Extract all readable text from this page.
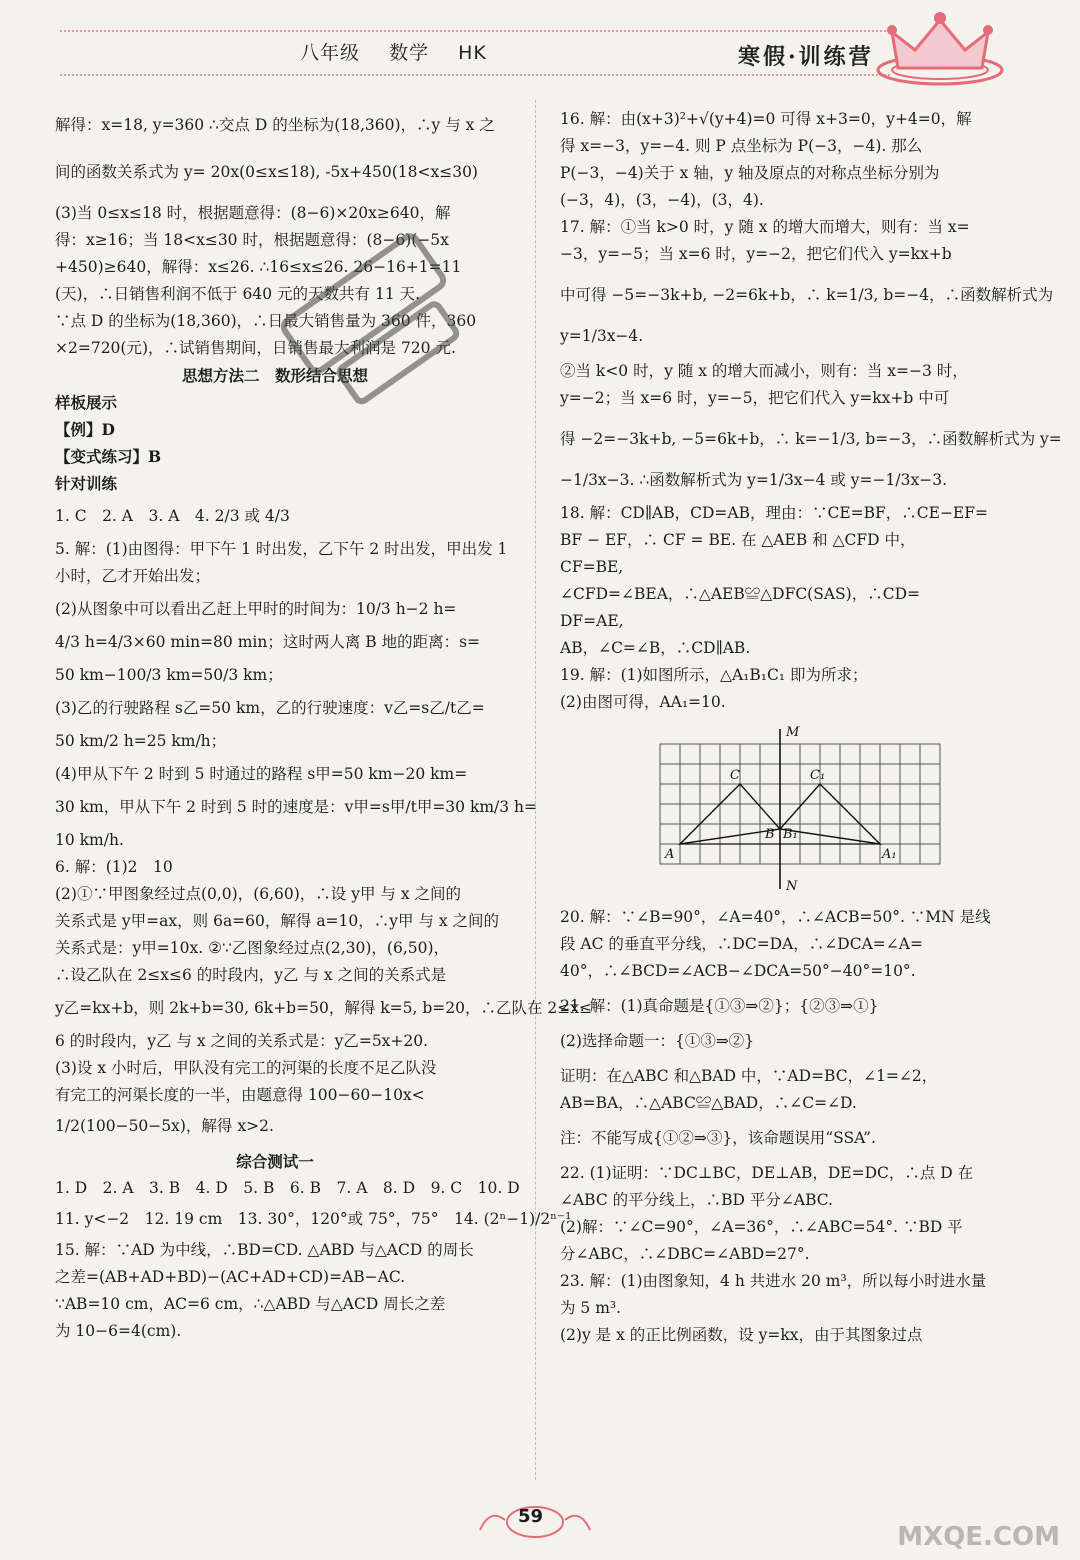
八年级 数学 HK	寒假·训练营

解得：x=18, y=360 ∴交点 D 的坐标为(18,360)，∴y 与 x 之

间的函数关系式为 y= 20x(0≤x≤18), -5x+450(18<x≤30)

(3)当 0≤x≤18 时，根据题意得：(8−6)×20x≥640，解

得：x≥16；当 18<x≤30 时，根据题意得：(8−6)(−5x

+450)≥640，解得：x≤26. ∴16≤x≤26. 26−16+1=11

(天)，∴日销售利润不低于 640 元的天数共有 11 天.

∵点 D 的坐标为(18,360)，∴日最大销售量为 360 件，360

×2=720(元)，∴试销售期间，日销售最大利润是 720 元.

思想方法二　数形结合思想

样板展示

【例】D

【变式练习】B

针对训练

1. C　2. A　3. A　4. 2/3 或 4/3

5. 解：(1)由图得：甲下午 1 时出发，乙下午 2 时出发，甲出发 1

小时，乙才开始出发；

(2)从图象中可以看出乙赶上甲时的时间为：10/3 h−2 h=

4/3 h=4/3×60 min=80 min；这时两人离 B 地的距离：s=

50 km−100/3 km=50/3 km；

(3)乙的行驶路程 s乙=50 km，乙的行驶速度：v乙=s乙/t乙=

50 km/2 h=25 km/h；

(4)甲从下午 2 时到 5 时通过的路程 s甲=50 km−20 km=

30 km，甲从下午 2 时到 5 时的速度是：v甲=s甲/t甲=30 km/3 h=

10 km/h.

6. 解：(1)2　10

(2)①∵甲图象经过点(0,0)，(6,60)，∴设 y甲 与 x 之间的

关系式是 y甲=ax，则 6a=60，解得 a=10，∴y甲 与 x 之间的

关系式是：y甲=10x. ②∵乙图象经过点(2,30)，(6,50)，

∴设乙队在 2≤x≤6 的时段内，y乙 与 x 之间的关系式是

y乙=kx+b，则 2k+b=30, 6k+b=50，解得 k=5, b=20，∴乙队在 2≤x≤

6 的时段内，y乙 与 x 之间的关系式是：y乙=5x+20.

(3)设 x 小时后，甲队没有完工的河渠的长度不足乙队没

有完工的河渠长度的一半，由题意得 100−60−10x<

1/2(100−50−5x)，解得 x>2.

综合测试一

1. D　2. A　3. B　4. D　5. B　6. B　7. A　8. D　9. C　10. D

11. y<−2　12. 19 cm　13. 30°，120°或 75°，75°　14. (2ⁿ−1)/2ⁿ⁻¹

15. 解：∵AD 为中线，∴BD=CD. △ABD 与△ACD 的周长

之差=(AB+AD+BD)−(AC+AD+CD)=AB−AC.

∵AB=10 cm，AC=6 cm，∴△ABD 与△ACD 周长之差

为 10−6=4(cm).

16. 解：由(x+3)²+√(y+4)=0 可得 x+3=0，y+4=0，解

得 x=−3，y=−4. 则 P 点坐标为 P(−3，−4). 那么

P(−3，−4)关于 x 轴，y 轴及原点的对称点坐标分别为

(−3，4)，(3，−4)，(3，4).

17. 解：①当 k>0 时，y 随 x 的增大而增大，则有：当 x=

−3，y=−5；当 x=6 时，y=−2，把它们代入 y=kx+b

中可得 −5=−3k+b, −2=6k+b，∴ k=1/3, b=−4，∴函数解析式为

y=1/3x−4.

②当 k<0 时，y 随 x 的增大而减小，则有：当 x=−3 时，

y=−2；当 x=6 时，y=−5，把它们代入 y=kx+b 中可

得 −2=−3k+b, −5=6k+b，∴ k=−1/3, b=−3，∴函数解析式为 y=

−1/3x−3. ∴函数解析式为 y=1/3x−4 或 y=−1/3x−3.

18. 解：CD∥AB，CD=AB，理由：∵CE=BF，∴CE−EF=

BF − EF，∴ CF = BE. 在 △AEB 和 △CFD 中，

CF=BE,

∠CFD=∠BEA，∴△AEB≌△DFC(SAS)，∴CD=

DF=AE,

AB，∠C=∠B，∴CD∥AB.

19. 解：(1)如图所示，△A₁B₁C₁ 即为所求；

(2)由图可得，AA₁=10.

M
N
C	C₁
B B₁
A	A₁

20. 解：∵∠B=90°，∠A=40°，∴∠ACB=50°. ∵MN 是线

段 AC 的垂直平分线，∴DC=DA，∴∠DCA=∠A=

40°，∴∠BCD=∠ACB−∠DCA=50°−40°=10°.

21. 解：(1)真命题是{①③⇒②}；{②③⇒①}

(2)选择命题一：{①③⇒②}

证明：在△ABC 和△BAD 中，∵AD=BC，∠1=∠2，

AB=BA，∴△ABC≌△BAD，∴∠C=∠D.

注：不能写成{①②⇒③}，该命题误用“SSA”.

22. (1)证明：∵DC⊥BC，DE⊥AB，DE=DC，∴点 D 在

∠ABC 的平分线上，∴BD 平分∠ABC.

(2)解：∵∠C=90°，∠A=36°，∴∠ABC=54°. ∵BD 平

分∠ABC，∴∠DBC=∠ABD=27°.

23. 解：(1)由图象知，4 h 共进水 20 m³，所以每小时进水量

为 5 m³.

(2)y 是 x 的正比例函数，设 y=kx，由于其图象过点

59
MXQE.COM
